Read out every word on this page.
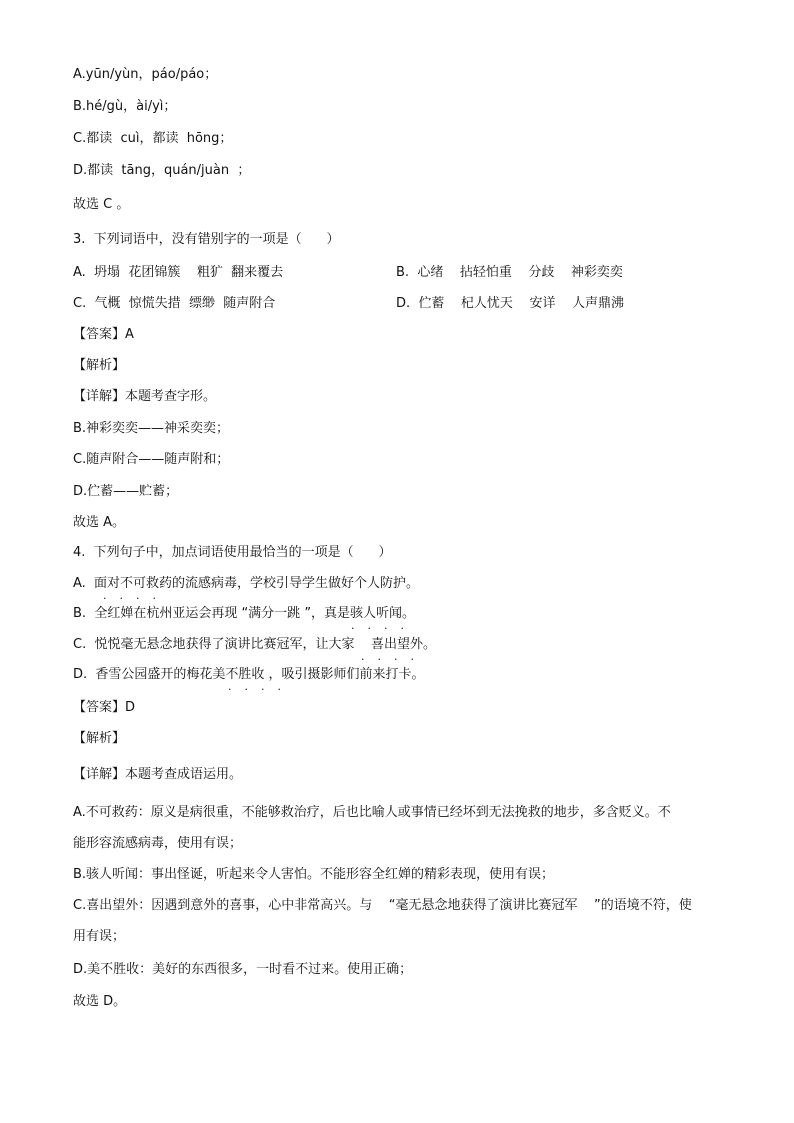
A.yūn/yùn，páo/páo；
B.hé/gù，ài/yì；
C.都读  cuì，都读  hōng；
D.都读  tāng，quán/juàn  ；
故选 C 。
3.  下列词语中，没有错别字的一项是（      ）
A.  坍塌  花团锦簇    粗犷  翻来覆去	B.  心绪    拈轻怕重    分歧    神彩奕奕
C.  气概  惊慌失措  缥缈  随声附合	D.  伫蓄    杞人忧天    安详    人声鼎沸
【答案】A
【解析】
【详解】本题考查字形。
B.神彩奕奕——神采奕奕；
C.随声附合——随声附和；
D.伫蓄——贮蓄；
故选 A。
4.  下列句子中，加点词语使用最恰当的一项是（      ）
A.  面对不可救药的流感病毒，学校引导学生做好个人防护。
.  .  .  .
B.  全红婵在杭州亚运会再现 “满分一跳 ”，真是骇人听闻。
.  .  .  .
C.  悦悦毫无悬念地获得了演讲比赛冠军，让大家    喜出望外。
.  .  .  .
D.  香雪公园盛开的梅花美不胜收 ，吸引摄影师们前来打卡。
.  .  .  .
【答案】D
【解析】
【详解】本题考查成语运用。
A.不可救药：原义是病很重，不能够救治疗，后也比喻人或事情已经坏到无法挽救的地步，多含贬义。不
能形容流感病毒，使用有误；
B.骇人听闻：事出怪诞，听起来令人害怕。不能形容全红婵的精彩表现，使用有误；
C.喜出望外：因遇到意外的喜事，心中非常高兴。与    “毫无悬念地获得了演讲比赛冠军    ”的语境不符，使
用有误；
D.美不胜收：美好的东西很多，一时看不过来。使用正确；
故选 D。
